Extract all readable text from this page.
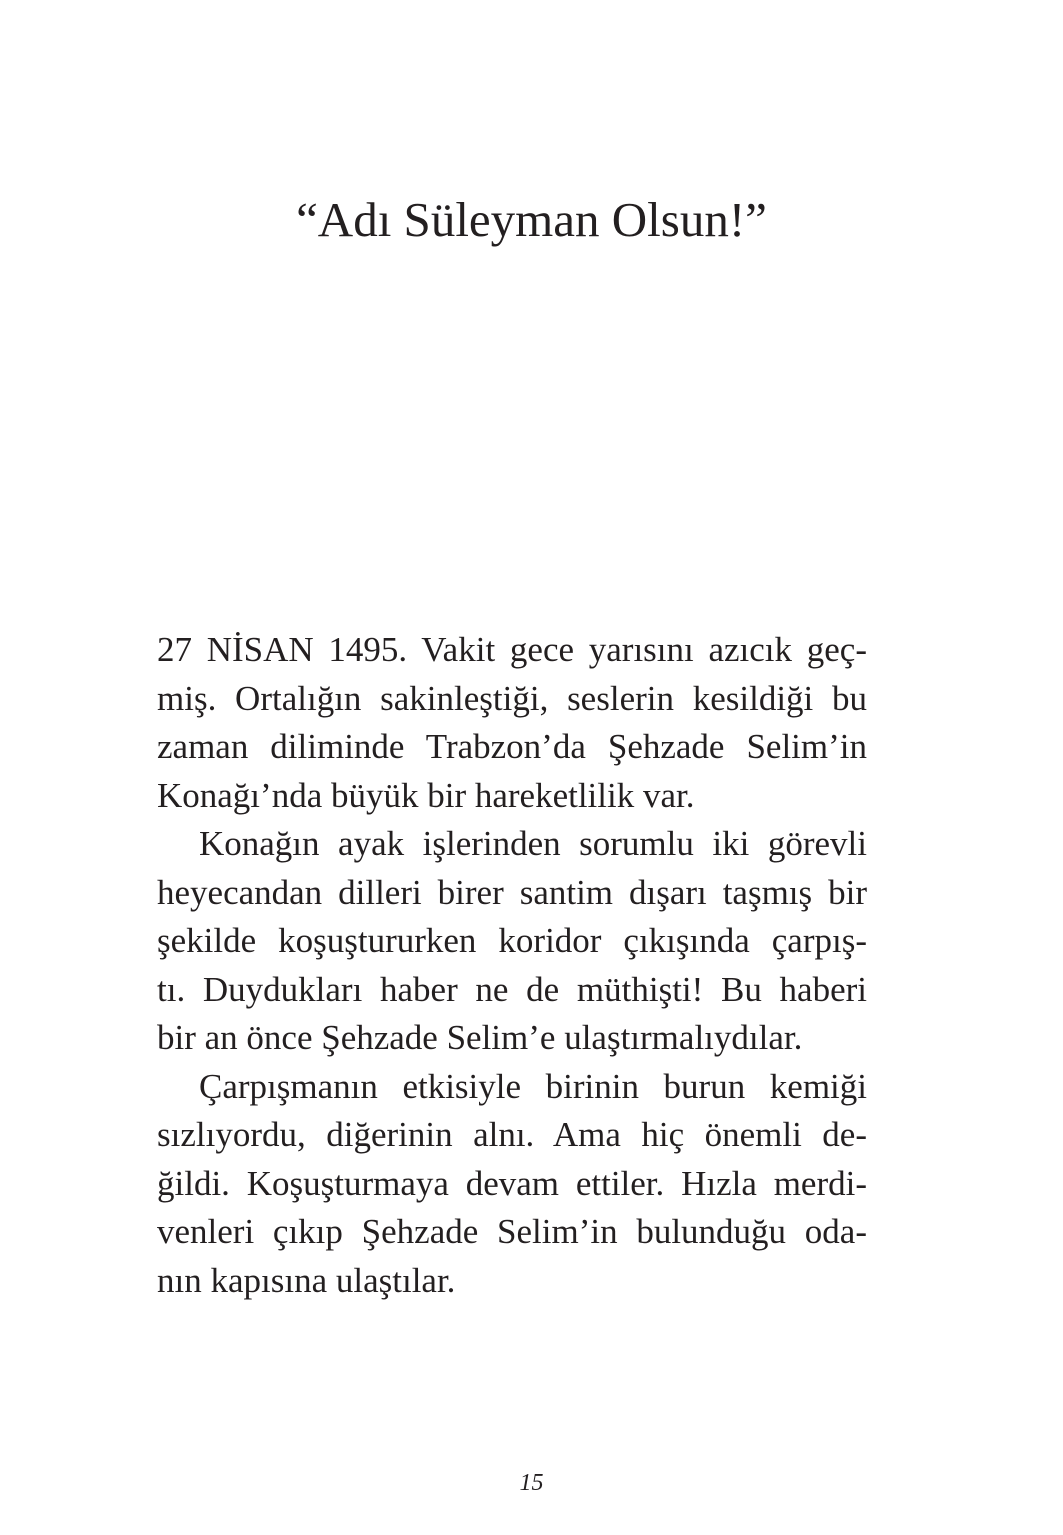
“Adı Süleyman Olsun!”
27 NİSAN 1495. Vakit gece yarısını azıcık geç-
miş. Ortalığın sakinleştiği, seslerin kesildiği bu
zaman diliminde Trabzon’da Şehzade Selim’in
Konağı’nda büyük bir hareketlilik var.
Konağın ayak işlerinden sorumlu iki görevli
heyecandan dilleri birer santim dışarı taşmış bir
şekilde koşuştururken koridor çıkışında çarpış-
tı. Duydukları haber ne de müthişti! Bu haberi
bir an önce Şehzade Selim’e ulaştırmalıydılar.
Çarpışmanın etkisiyle birinin burun kemiği
sızlıyordu, diğerinin alnı. Ama hiç önemli de-
ğildi. Koşuşturmaya devam ettiler. Hızla merdi-
venleri çıkıp Şehzade Selim’in bulunduğu oda-
nın kapısına ulaştılar.
15
